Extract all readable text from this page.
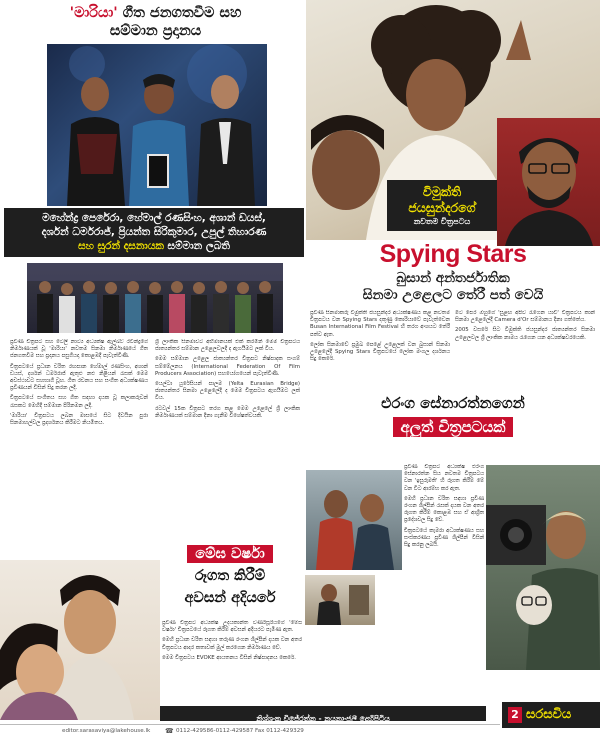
'මාරියා' ගීත ජනගතවීම සහ
සම්මාන ප්‍රදානය
මහේන්ද්‍ර පෙරේරා, හේමාල් රණසිංහ, අශාන් ඩයස්,
දර්ශන් ධර්මරාජ්, ප්‍රියන්ත සිරිකුමාර, උපුල් තිහාරණ
සහ සුරන් දසනායක සම්මාන ලබති

ප්‍රවීණ චිත්‍රපට සහ ටෙලි නාට්‍ය අධ්‍යක්ෂ ඇල්බට් රවීන්ද්‍රගේ නිර්මාණයක් වූ 'මාරියා' නවතම සිනමා නිර්මාණයේ ගීත ජනගතවීම සහ ප්‍රදානය පසුගියදා කොළඹදී පැවැත්විණි.

චිත්‍රපටයේ ප්‍රධාන චරිත රඟපාන හේමාල් රණසිංහ, අශාන් ඩයස්, දර්ශන් ධර්මරාජ් ඇතුළු නළු නිළියන් රැසක් මෙම අවස්ථාවට සහභාගී වූහ. ගීත රචනය සහ සංගීත අධ්‍යක්ෂණය ප්‍රවීණයන් විසින් සිදු කරන ලදී.

චිත්‍රපටයේ සංගීතය සහ ගීත සඳහා දායක වූ කලාකරුවන් රැසකට මෙහිදී සම්මාන පිරිනමන ලදී.

'මාරියා' චිත්‍රපටය ලබන මාසයේ සිට දිවයින පුරා සිනමාහල්වල ප්‍රදර්ශනය කිරීමට නියමිතය.

ශ්‍රී ලාංකික සිනමාවට අභිමානයක් එක් කරමින් මෙම චිත්‍රපටය ජාත්‍යන්තර සම්මාන උළෙලවලදී ද ඇගයීමට ලක් විය.

මෙම සම්මාන උළෙල ජාත්‍යන්තර චිත්‍රපට නිෂ්පාදක සංගම් සම්මේලනය (International Federation Of Film Producers Association) සහයෝගයෙන් පැවැත්විණි.

යෙල්ටා යුරේසියන් පාලම (Yelta Eurasian Bridge) ජාත්‍යන්තර සිනමා උළෙලේදී ද මෙම චිත්‍රපටය ඇගයීමට ලක් විය.

රටවල් 15ක චිත්‍රපට තරග කළ මෙම උළෙලේ ශ්‍රී ලාංකික නිර්මාණයක් සම්මාන දිනා ගැනීම විශේෂත්වයකි.

විමුක්ති
ජයසුන්දරගේ
නවතම චිත්‍රපටය
Spying Stars
බුසාන් අන්තර්ජාතික
සිනමා උළෙලට තේරී පත් වෙයි

ප්‍රවීණ සිනමාකරු විමුක්ති ජයසුන්දර අධ්‍යක්ෂණය කළ නවතම චිත්‍රපටය වන Spying Stars දකුණු කොරියාවේ පැවැත්වෙන Busan International Film Festival හි තරග අංශයට තේරී පත්ව ඇත.

ලෝක සිනමාවේ ප්‍රමුඛ පෙළේ උළෙලක් වන බුසාන් සිනමා උළෙලේදී Spying Stars චිත්‍රපටයේ ලෝක මංගල දර්ශනය සිදු කෙරේ.

මීට පෙර ඔහුගේ 'සුළඟ අපිව රැගෙන යාවි' චිත්‍රපටය කාන් සිනමා උළෙලේදී Camera d'Or සම්මානය දිනා ගත්තේය.

2005 වසරේ සිට විමුක්ති ජයසුන්දර ජාත්‍යන්තර සිනමා උළෙලවල ශ්‍රී ලාංකික නාමය රැගෙන යන අධ්‍යක්ෂවරයෙකි.

එරංග සේනාරත්නගෙන්
අලුත් චිත්‍රපටයක්

ප්‍රවීණ චිත්‍රපට අධ්‍යක්ෂ එරංග සේනාරත්න සිය නවතම චිත්‍රපටය වන 'ඉසුරුමති' හි රූගත කිරීම් මේ වන විට ආරම්භ කර ඇත.

මෙහි ප්‍රධාන චරිත සඳහා ප්‍රවීණ රංගන ශිල්පීන් රැසක් දායක වන අතර රූගත කිරීම් කොළඹ සහ ඒ ආශ්‍රිත ප්‍රදේශවල සිදු වේ.

චිත්‍රපටයේ කැමරා අධ්‍යක්ෂණය සහ සංස්කරණය ප්‍රවීණ ශිල්පීන් විසින් සිදු කරනු ලබයි.

මේඝ වර්ෂා
රූගත කිරීම්
අවසන් අදියරේ

ප්‍රවීණ චිත්‍රපට අධ්‍යක්ෂ උදයකාන්ත වර්ණසූරියගේ 'මේඝ වර්ෂා' චිත්‍රපටයේ රූගත කිරීම් අවසන් අදියරට පැමිණ ඇත.

මෙහි ප්‍රධාන චරිත සඳහා තරුණ රංගන ශිල්පීන් දායක වන අතර චිත්‍රපටය ආදර කතාවක් මුල් කරගෙන නිර්මාණය වේ.

මෙම චිත්‍රපටය EVOKE ආයතනය විසින් නිෂ්පාදනය කෙරේ.

නිශ්ශංක විජේරත්න - නයනාංජලී දෙහිපිටිය	2 සරසවිය
editor.sarasaviya@lakehouse.lk ☎ 0112-429586-0112-429587 Fax 0112-429329
